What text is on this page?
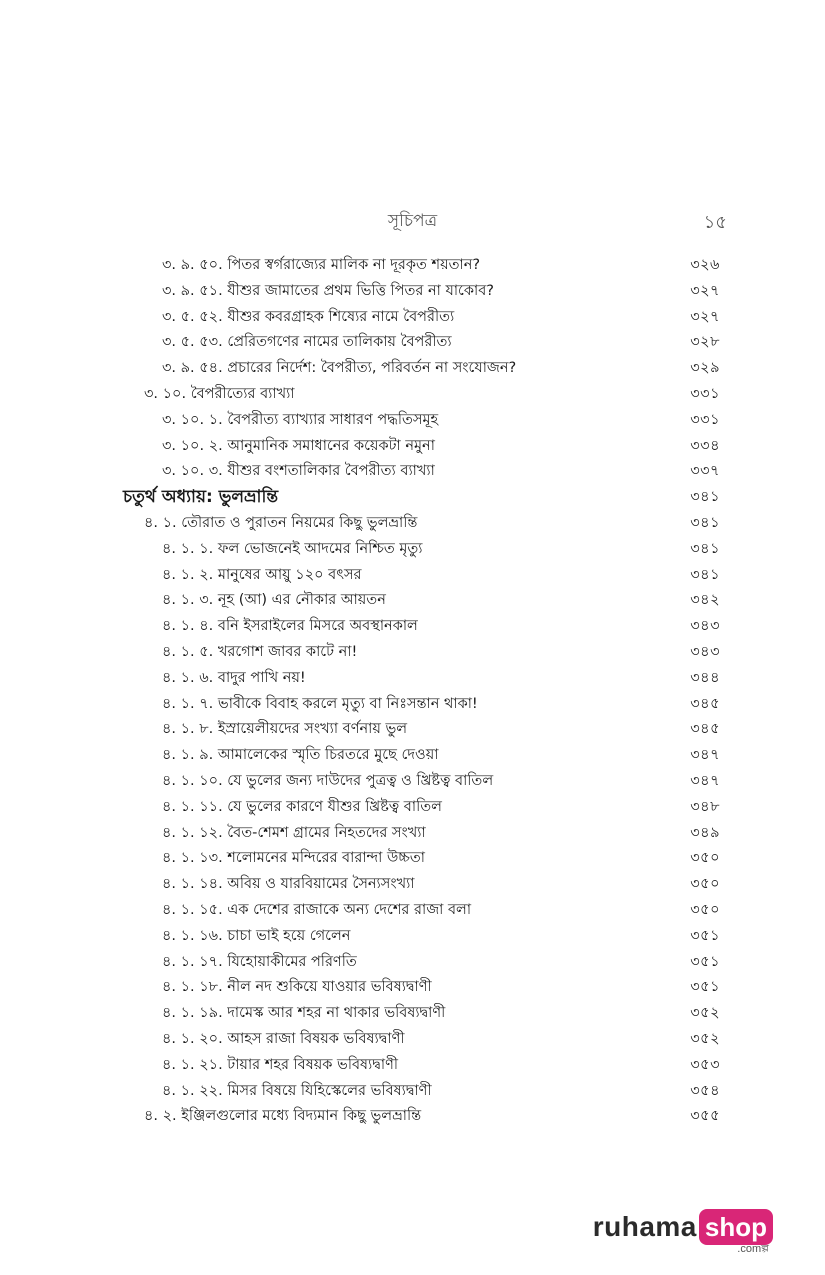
সূচিপত্র	১৫
৩. ৯. ৫০. পিতর স্বর্গরাজ্যের মালিক না দূরকৃত শয়তান?	৩২৬
৩. ৯. ৫১. যীশুর জামাতের প্রথম ভিত্তি পিতর না যাকোব?	৩২৭
৩. ৫. ৫২. যীশুর কবরগ্রাহক শিষ্যের নামে বৈপরীত্য	৩২৭
৩. ৫. ৫৩. প্রেরিতগণের নামের তালিকায় বৈপরীত্য	৩২৮
৩. ৯. ৫৪. প্রচারের নির্দেশ: বৈপরীত্য, পরিবর্তন না সংযোজন?	৩২৯
৩. ১০. বৈপরীত্যের ব্যাখ্যা	৩৩১
৩. ১০. ১. বৈপরীত্য ব্যাখ্যার সাধারণ পদ্ধতিসমূহ	৩৩১
৩. ১০. ২. আনুমানিক সমাধানের কয়েকটা নমুনা	৩৩৪
৩. ১০. ৩. যীশুর বংশতালিকার বৈপরীত্য ব্যাখ্যা	৩৩৭
চতুর্থ অধ্যায়: ভুলভ্রান্তি	৩৪১
৪. ১. তৌরাত ও পুরাতন নিয়মের কিছু ভুলভ্রান্তি	৩৪১
৪. ১. ১. ফল ভোজনেই আদমের নিশ্চিত মৃত্যু	৩৪১
৪. ১. ২. মানুষের আয়ু ১২০ বৎসর	৩৪১
৪. ১. ৩. নূহ (আ) এর নৌকার আয়তন	৩৪২
৪. ১. ৪. বনি ইসরাইলের মিসরে অবস্থানকাল	৩৪৩
৪. ১. ৫. খরগোশ জাবর কাটে না!	৩৪৩
৪. ১. ৬. বাদুর পাখি নয়!	৩৪৪
৪. ১. ৭. ভাবীকে বিবাহ করলে মৃত্যু বা নিঃসন্তান থাকা!	৩৪৫
৪. ১. ৮. ইস্রায়েলীয়দের সংখ্যা বর্ণনায় ভুল	৩৪৫
৪. ১. ৯. আমালেকের স্মৃতি চিরতরে মুছে দেওয়া	৩৪৭
৪. ১. ১০. যে ভুলের জন্য দাউদের পুত্রত্ব ও খ্রিষ্টত্ব বাতিল	৩৪৭
৪. ১. ১১. যে ভুলের কারণে যীশুর খ্রিষ্টত্ব বাতিল	৩৪৮
৪. ১. ১২. বৈত-শেমশ গ্রামের নিহতদের সংখ্যা	৩৪৯
৪. ১. ১৩. শলোমনের মন্দিরের বারান্দা উচ্চতা	৩৫০
৪. ১. ১৪. অবিয় ও যারবিয়ামের সৈন্যসংখ্যা	৩৫০
৪. ১. ১৫. এক দেশের রাজাকে অন্য দেশের রাজা বলা	৩৫০
৪. ১. ১৬. চাচা ভাই হয়ে গেলেন	৩৫১
৪. ১. ১৭. যিহোয়াকীমের পরিণতি	৩৫১
৪. ১. ১৮. নীল নদ শুকিয়ে যাওয়ার ভবিষ্যদ্বাণী	৩৫১
৪. ১. ১৯. দামেস্ক আর শহর না থাকার ভবিষ্যদ্বাণী	৩৫২
৪. ১. ২০. আহস রাজা বিষয়ক ভবিষ্যদ্বাণী	৩৫২
৪. ১. ২১. টায়ার শহর বিষয়ক ভবিষ্যদ্বাণী	৩৫৩
৪. ১. ২২. মিসর বিষয়ে যিহিস্কেলের ভবিষ্যদ্বাণী	৩৫৪
৪. ২. ইঞ্জিলগুলোর মধ্যে বিদ্যমান কিছু ভুলভ্রান্তি	৩৫৫
ruhama shop
.comল্প
